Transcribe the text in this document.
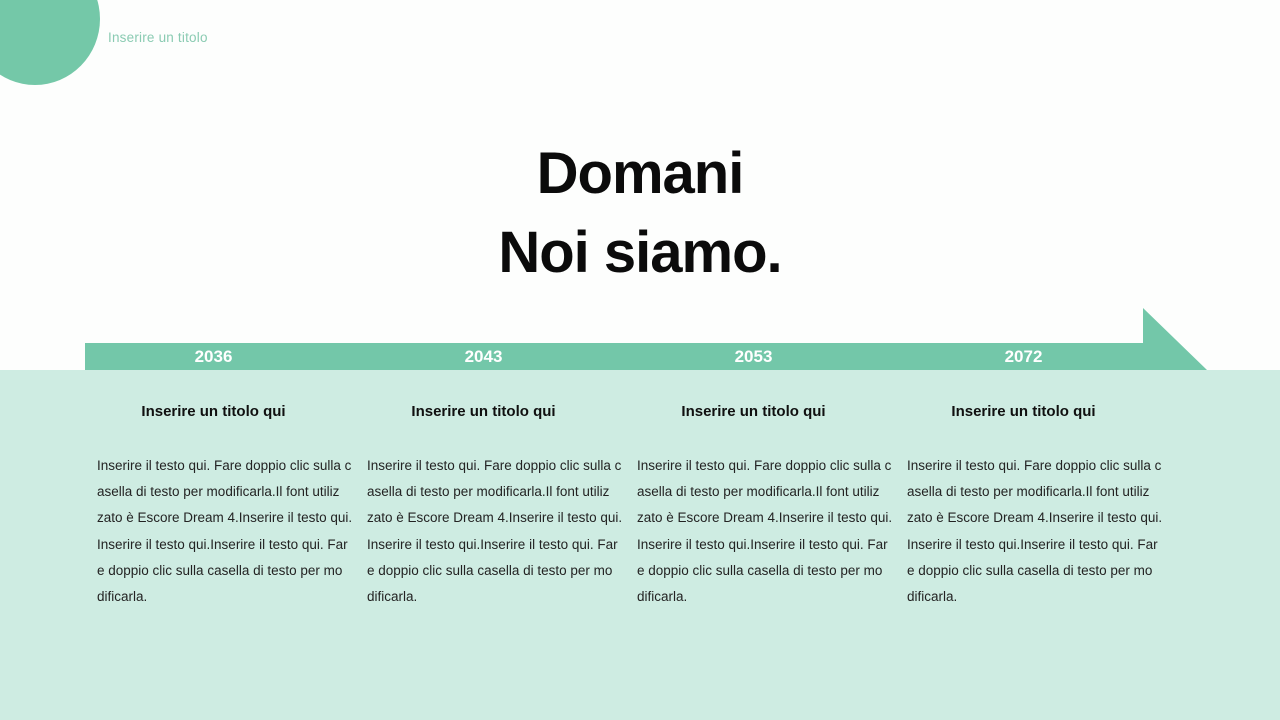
Inserire un titolo
Domani
Noi siamo.
2036	2043	2053	2072
Inserire un titolo qui
Inserire il testo qui. Fare doppio clic sulla c
asella di testo per modificarla.Il font utiliz
zato è Escore Dream 4.Inserire il testo qui.
Inserire il testo qui.Inserire il testo qui. Far
e doppio clic sulla casella di testo per mo
dificarla.
Inserire un titolo qui
Inserire il testo qui. Fare doppio clic sulla c
asella di testo per modificarla.Il font utiliz
zato è Escore Dream 4.Inserire il testo qui.
Inserire il testo qui.Inserire il testo qui. Far
e doppio clic sulla casella di testo per mo
dificarla.
Inserire un titolo qui
Inserire il testo qui. Fare doppio clic sulla c
asella di testo per modificarla.Il font utiliz
zato è Escore Dream 4.Inserire il testo qui.
Inserire il testo qui.Inserire il testo qui. Far
e doppio clic sulla casella di testo per mo
dificarla.
Inserire un titolo qui
Inserire il testo qui. Fare doppio clic sulla c
asella di testo per modificarla.Il font utiliz
zato è Escore Dream 4.Inserire il testo qui.
Inserire il testo qui.Inserire il testo qui. Far
e doppio clic sulla casella di testo per mo
dificarla.
